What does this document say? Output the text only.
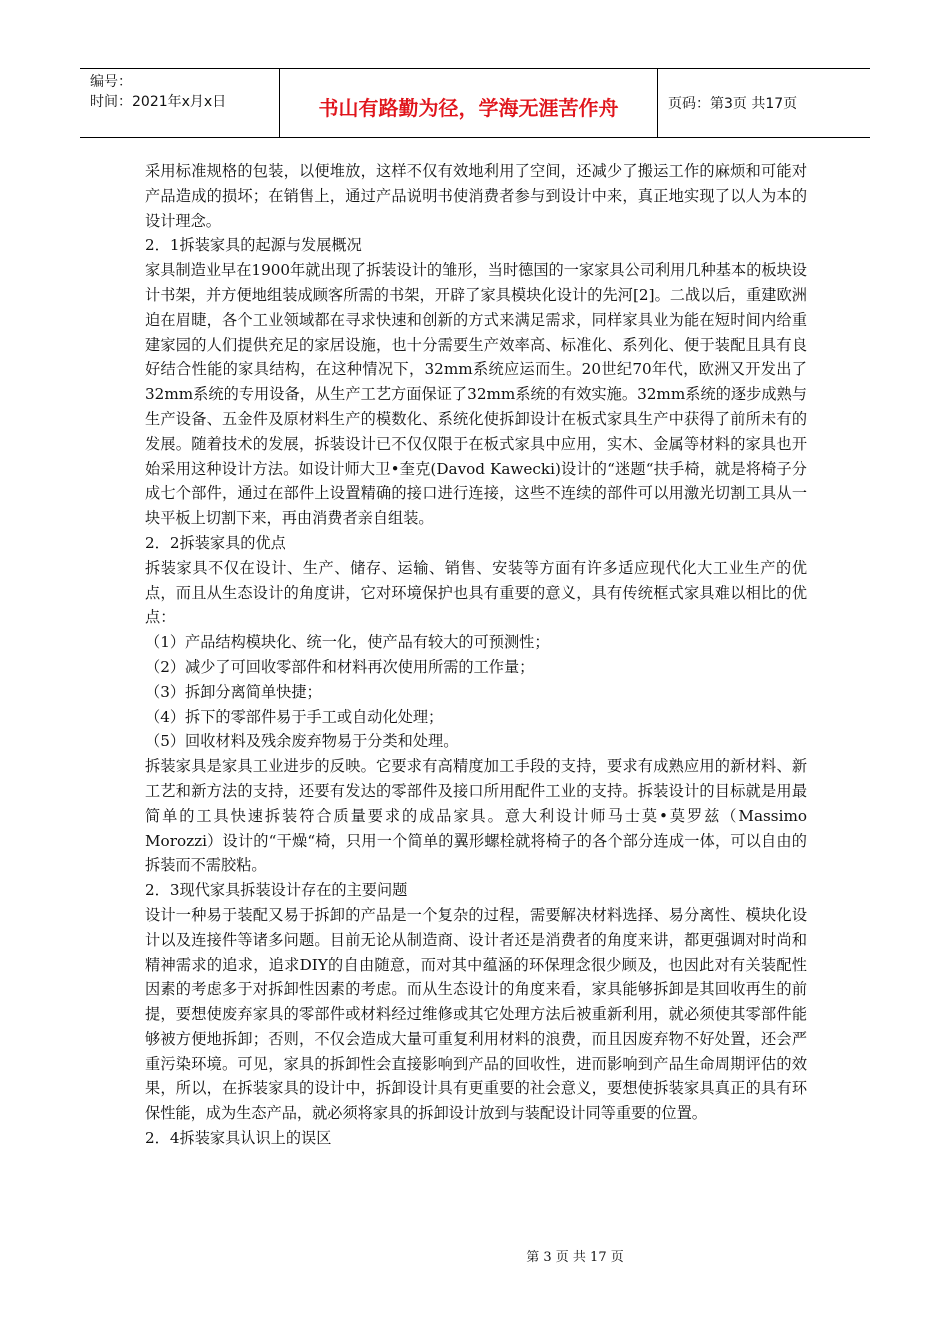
编号：
时间：2021年x月x日	书山有路勤为径，学海无涯苦作舟	页码：第3页 共17页

采用标准规格的包装，以便堆放，这样不仅有效地利用了空间，还减少了搬运工作的麻烦和可能对产品造成的损坏；在销售上，通过产品说明书使消费者参与到设计中来，真正地实现了以人为本的设计理念。

2．1拆装家具的起源与发展概况

家具制造业早在1900年就出现了拆装设计的雏形，当时德国的一家家具公司利用几种基本的板块设计书架，并方便地组装成顾客所需的书架，开辟了家具模块化设计的先河[2]。二战以后，重建欧洲迫在眉睫，各个工业领域都在寻求快速和创新的方式来满足需求，同样家具业为能在短时间内给重建家园的人们提供充足的家居设施，也十分需要生产效率高、标准化、系列化、便于装配且具有良好结合性能的家具结构，在这种情况下，32mm系统应运而生。20世纪70年代，欧洲又开发出了32mm系统的专用设备，从生产工艺方面保证了32mm系统的有效实施。32mm系统的逐步成熟与生产设备、五金件及原材料生产的模数化、系统化使拆卸设计在板式家具生产中获得了前所未有的发展。随着技术的发展，拆装设计已不仅仅限于在板式家具中应用，实木、金属等材料的家具也开始采用这种设计方法。如设计师大卫•奎克(Davod Kawecki)设计的“迷题“扶手椅，就是将椅子分成七个部件，通过在部件上设置精确的接口进行连接，这些不连续的部件可以用激光切割工具从一块平板上切割下来，再由消费者亲自组装。

2．2拆装家具的优点

拆装家具不仅在设计、生产、储存、运输、销售、安装等方面有许多适应现代化大工业生产的优点，而且从生态设计的角度讲，它对环境保护也具有重要的意义，具有传统框式家具难以相比的优点：

（1）产品结构模块化、统一化，使产品有较大的可预测性；

（2）减少了可回收零部件和材料再次使用所需的工作量；

（3）拆卸分离简单快捷；

（4）拆下的零部件易于手工或自动化处理；

（5）回收材料及残余废弃物易于分类和处理。

拆装家具是家具工业进步的反映。它要求有高精度加工手段的支持，要求有成熟应用的新材料、新工艺和新方法的支持，还要有发达的零部件及接口所用配件工业的支持。拆装设计的目标就是用最简单的工具快速拆装符合质量要求的成品家具。意大利设计师马士莫•莫罗兹（Massimo Morozzi）设计的“干燥“椅，只用一个简单的翼形螺栓就将椅子的各个部分连成一体，可以自由的拆装而不需胶粘。

2．3现代家具拆装设计存在的主要问题

设计一种易于装配又易于拆卸的产品是一个复杂的过程，需要解决材料选择、易分离性、模块化设计以及连接件等诸多问题。目前无论从制造商、设计者还是消费者的角度来讲，都更强调对时尚和精神需求的追求，追求DIY的自由随意，而对其中蕴涵的环保理念很少顾及，也因此对有关装配性因素的考虑多于对拆卸性因素的考虑。而从生态设计的角度来看，家具能够拆卸是其回收再生的前提，要想使废弃家具的零部件或材料经过维修或其它处理方法后被重新利用，就必须使其零部件能够被方便地拆卸；否则，不仅会造成大量可重复利用材料的浪费，而且因废弃物不好处置，还会严重污染环境。可见，家具的拆卸性会直接影响到产品的回收性，进而影响到产品生命周期评估的效果，所以，在拆装家具的设计中，拆卸设计具有更重要的社会意义，要想使拆装家具真正的具有环保性能，成为生态产品，就必须将家具的拆卸设计放到与装配设计同等重要的位置。

2．4拆装家具认识上的误区

第 3 页 共 17 页
